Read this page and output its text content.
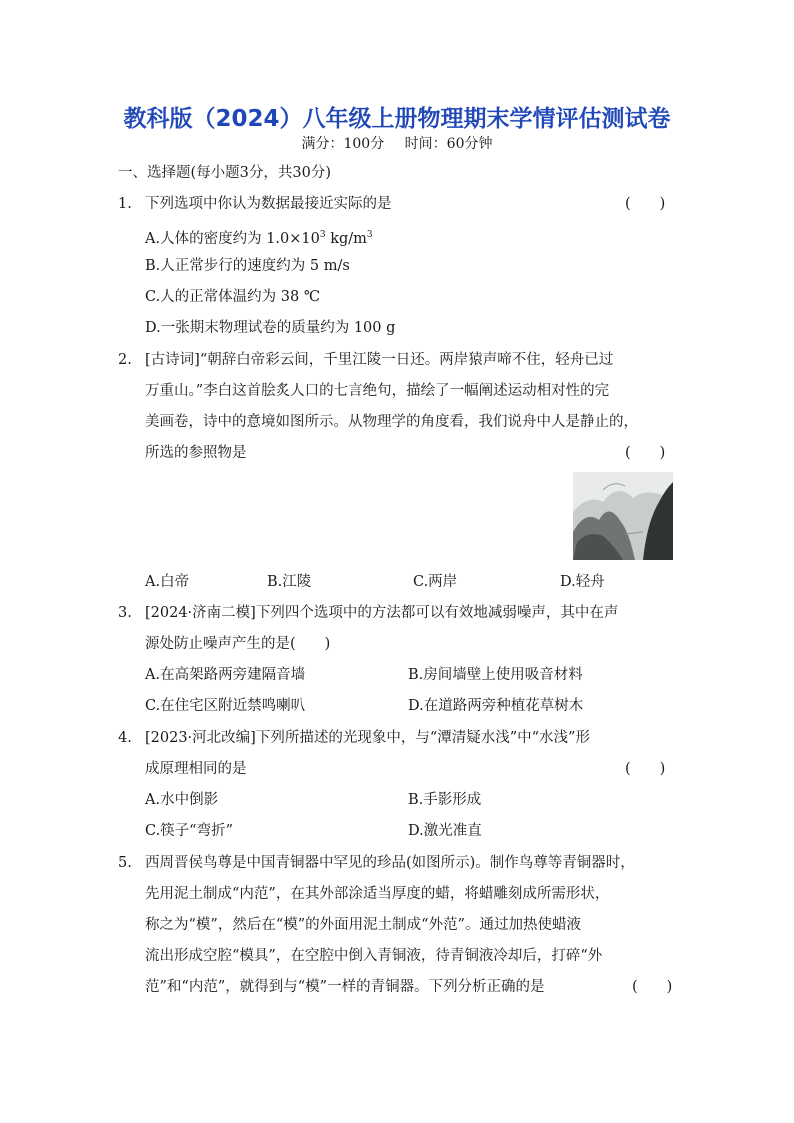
教科版（2024）八年级上册物理期末学情评估测试卷
满分：100分 时间：60分钟
一、选择题(每小题3分，共30分)
1. 下列选项中你认为数据最接近实际的是	(　　)
A.人体的密度约为 $1.0\times 10^3$ $kg/m^3$
B.人正常步行的速度约为 5 m/s
C.人的正常体温约为 38 ℃
D.一张期末物理试卷的质量约为 100 g
2. [古诗词]“朝辞白帝彩云间，千里江陵一日还。两岸猿声啼不住，轻舟已过
万重山。”李白这首脍炙人口的七言绝句，描绘了一幅阐述运动相对性的完
美画卷，诗中的意境如图所示。从物理学的角度看，我们说舟中人是静止的，
所选的参照物是	(　　)
A.白帝	B.江陵	C.两岸	D.轻舟
3. [2024·济南二模]下列四个选项中的方法都可以有效地减弱噪声，其中在声
源处防止噪声产生的是(　　)
A.在高架路两旁建隔音墙	B.房间墙壁上使用吸音材料
C.在住宅区附近禁鸣喇叭	D.在道路两旁种植花草树木
4. [2023·河北改编]下列所描述的光现象中，与“潭清疑水浅”中“水浅”形
成原理相同的是	(　　)
A.水中倒影	B.手影形成
C.筷子“弯折”	D.激光准直
5. 西周晋侯鸟尊是中国青铜器中罕见的珍品(如图所示)。制作鸟尊等青铜器时，
先用泥土制成“内范”，在其外部涂适当厚度的蜡，将蜡雕刻成所需形状，
称之为“模”，然后在“模”的外面用泥土制成“外范”。通过加热使蜡液
流出形成空腔“模具”，在空腔中倒入青铜液，待青铜液冷却后，打碎“外
范”和“内范”，就得到与“模”一样的青铜器。下列分析正确的是	(　　)
